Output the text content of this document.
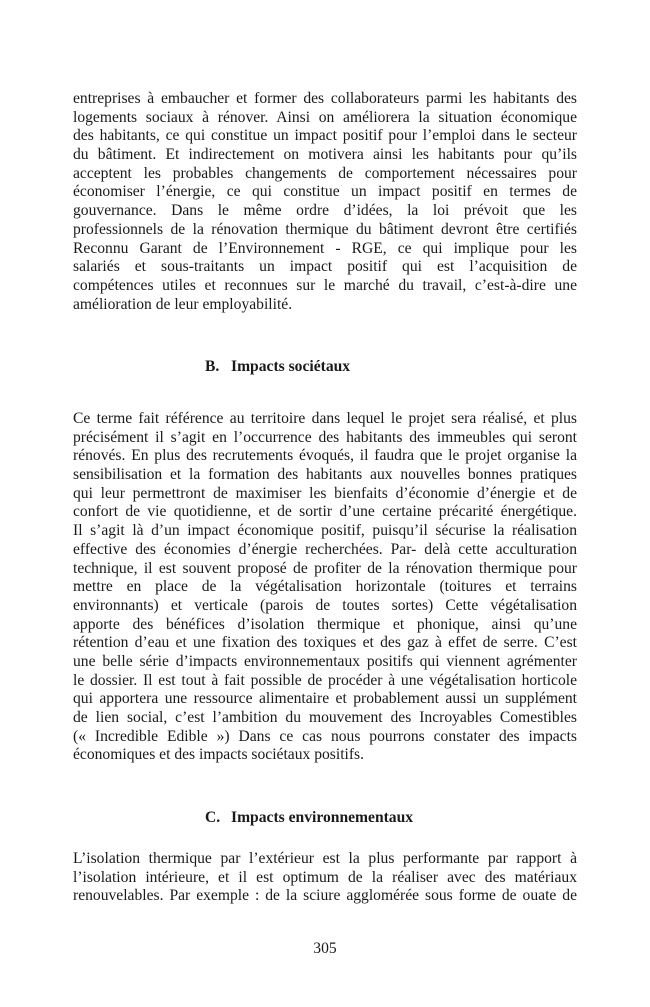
entreprises à embaucher et former des collaborateurs parmi les habitants des
logements sociaux à rénover. Ainsi on améliorera la situation économique
des habitants, ce qui constitue un impact positif pour l’emploi dans le secteur
du bâtiment. Et indirectement on motivera ainsi les habitants pour qu’ils
acceptent les probables changements de comportement nécessaires pour
économiser l’énergie, ce qui constitue un impact positif en termes de
gouvernance. Dans le même ordre d’idées, la loi prévoit que les
professionnels de la rénovation thermique du bâtiment devront être certifiés
Reconnu Garant de l’Environnement - RGE, ce qui implique pour les
salariés et sous-traitants un impact positif qui est l’acquisition de
compétences utiles et reconnues sur le marché du travail, c’est-à-dire une
amélioration de leur employabilité.
B. Impacts sociétaux
Ce terme fait référence au territoire dans lequel le projet sera réalisé, et plus
précisément il s’agit en l’occurrence des habitants des immeubles qui seront
rénovés. En plus des recrutements évoqués, il faudra que le projet organise la
sensibilisation et la formation des habitants aux nouvelles bonnes pratiques
qui leur permettront de maximiser les bienfaits d’économie d’énergie et de
confort de vie quotidienne, et de sortir d’une certaine précarité énergétique.
Il s’agit là d’un impact économique positif, puisqu’il sécurise la réalisation
effective des économies d’énergie recherchées. Par- delà cette acculturation
technique, il est souvent proposé de profiter de la rénovation thermique pour
mettre en place de la végétalisation horizontale (toitures et terrains
environnants) et verticale (parois de toutes sortes) Cette végétalisation
apporte des bénéfices d’isolation thermique et phonique, ainsi qu’une
rétention d’eau et une fixation des toxiques et des gaz à effet de serre. C’est
une belle série d’impacts environnementaux positifs qui viennent agrémenter
le dossier. Il est tout à fait possible de procéder à une végétalisation horticole
qui apportera une ressource alimentaire et probablement aussi un supplément
de lien social, c’est l’ambition du mouvement des Incroyables Comestibles
(« Incredible Edible ») Dans ce cas nous pourrons constater des impacts
économiques et des impacts sociétaux positifs.
C. Impacts environnementaux
L’isolation thermique par l’extérieur est la plus performante par rapport à
l’isolation intérieure, et il est optimum de la réaliser avec des matériaux
renouvelables. Par exemple : de la sciure agglomérée sous forme de ouate de
305
